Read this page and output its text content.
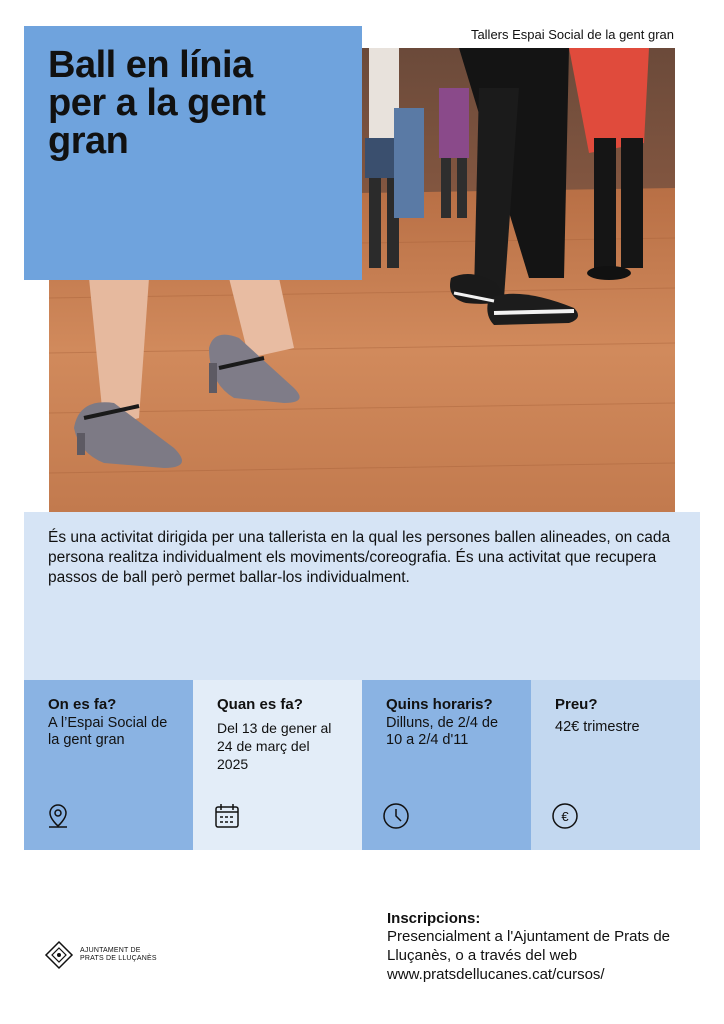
Tallers Espai Social de la gent gran
Ball en línia
per a la gent
gran

És una activitat dirigida per una tallerista en la qual les persones ballen alineades, on cada persona realitza individualment els moviments/coreografia. És una activitat que recupera passos de ball però permet ballar-los individualment.

On es fa?
A l’Espai Social de la gent gran
Quan es fa?
Del 13 de gener al 24 de març del 2025
Quins horaris?
Dilluns, de 2/4 de 10 a 2/4 d'11
Preu?
42€ trimestre
€
AJUNTAMENT DE
PRATS DE LLUÇANÈS
Inscripcions:

Presencialment a l'Ajuntament de Prats de Lluçanès, o a través del web www.pratsdellucanes.cat/cursos/
